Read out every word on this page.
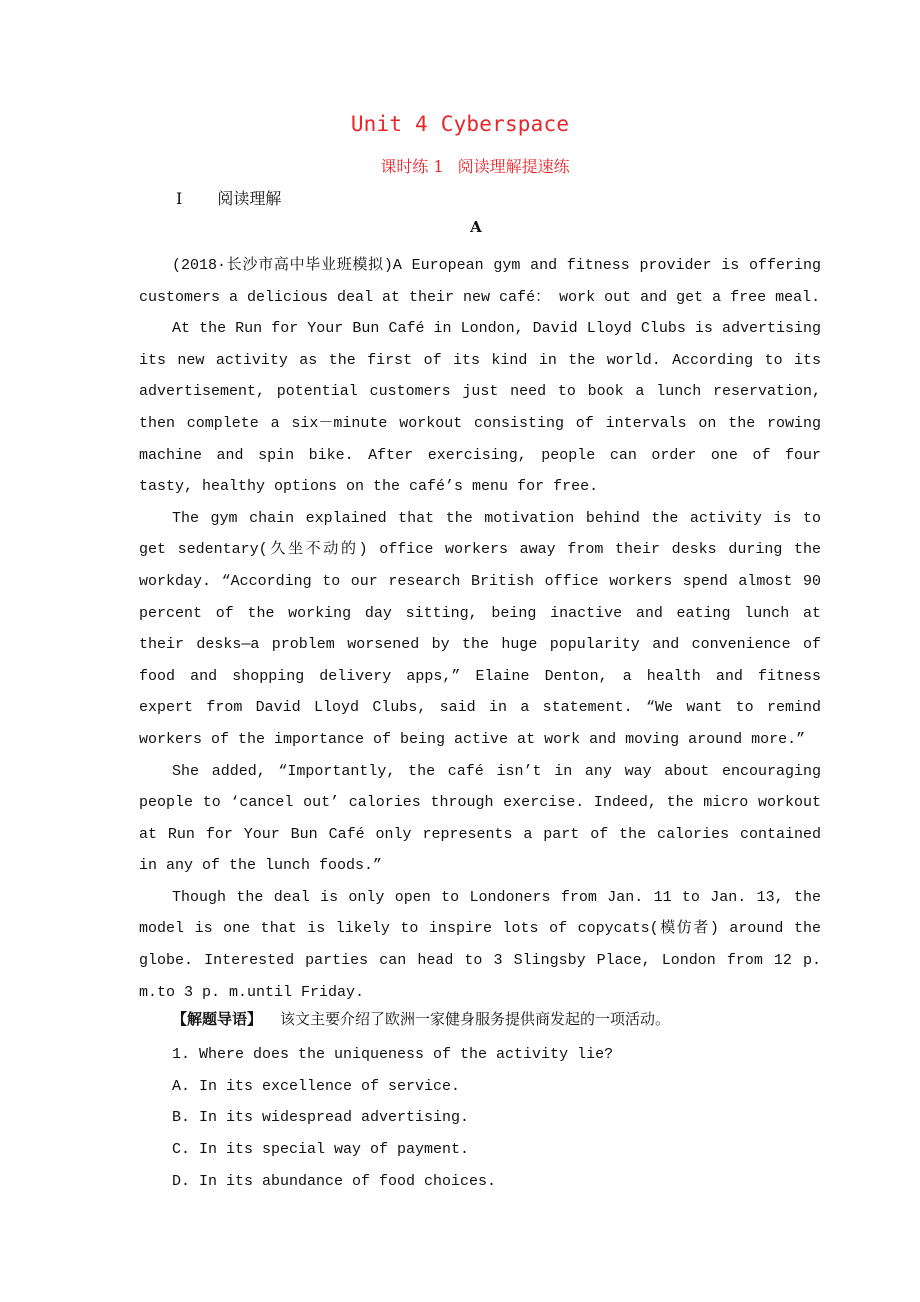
Unit 4 Cyberspace
课时练 1 阅读理解提速练
Ⅰ 阅读理解
A

(2018·长沙市高中毕业班模拟)A European gym and fitness provider is offering customers a delicious deal at their new café： work out and get a free meal.

At the Run for Your Bun Café in London, David Lloyd Clubs is advertising its new activity as the first of its kind in the world. According to its advertisement, potential customers just need to book a lunch reservation, then complete a six－minute workout consisting of intervals on the rowing machine and spin bike. After exercising, people can order one of four tasty, healthy options on the café’s menu for free.

The gym chain explained that the motivation behind the activity is to get sedentary(久坐不动的) office workers away from their desks during the workday. “According to our research British office workers spend almost 90 percent of the working day sitting, being inactive and eating lunch at their desks—a problem worsened by the huge popularity and convenience of food and shopping delivery apps,” Elaine Denton, a health and fitness expert from David Lloyd Clubs, said in a statement. “We want to remind workers of the importance of being active at work and moving around more.”

She added, “Importantly, the café isn’t in any way about encouraging people to ‘cancel out’ calories through exercise. Indeed, the micro workout at Run for Your Bun Café only represents a part of the calories contained in any of the lunch foods.”

Though the deal is only open to Londoners from Jan. 11 to Jan. 13, the model is one that is likely to inspire lots of copycats(模仿者) around the globe. Interested parties can head to 3 Slingsby Place, London from 12 p. m.to 3 p. m.until Friday.

【解题导语】 该文主要介绍了欧洲一家健身服务提供商发起的一项活动。
1. Where does the uniqueness of the activity lie?
A. In its excellence of service.
B. In its widespread advertising.
C. In its special way of payment.
D. In its abundance of food choices.
